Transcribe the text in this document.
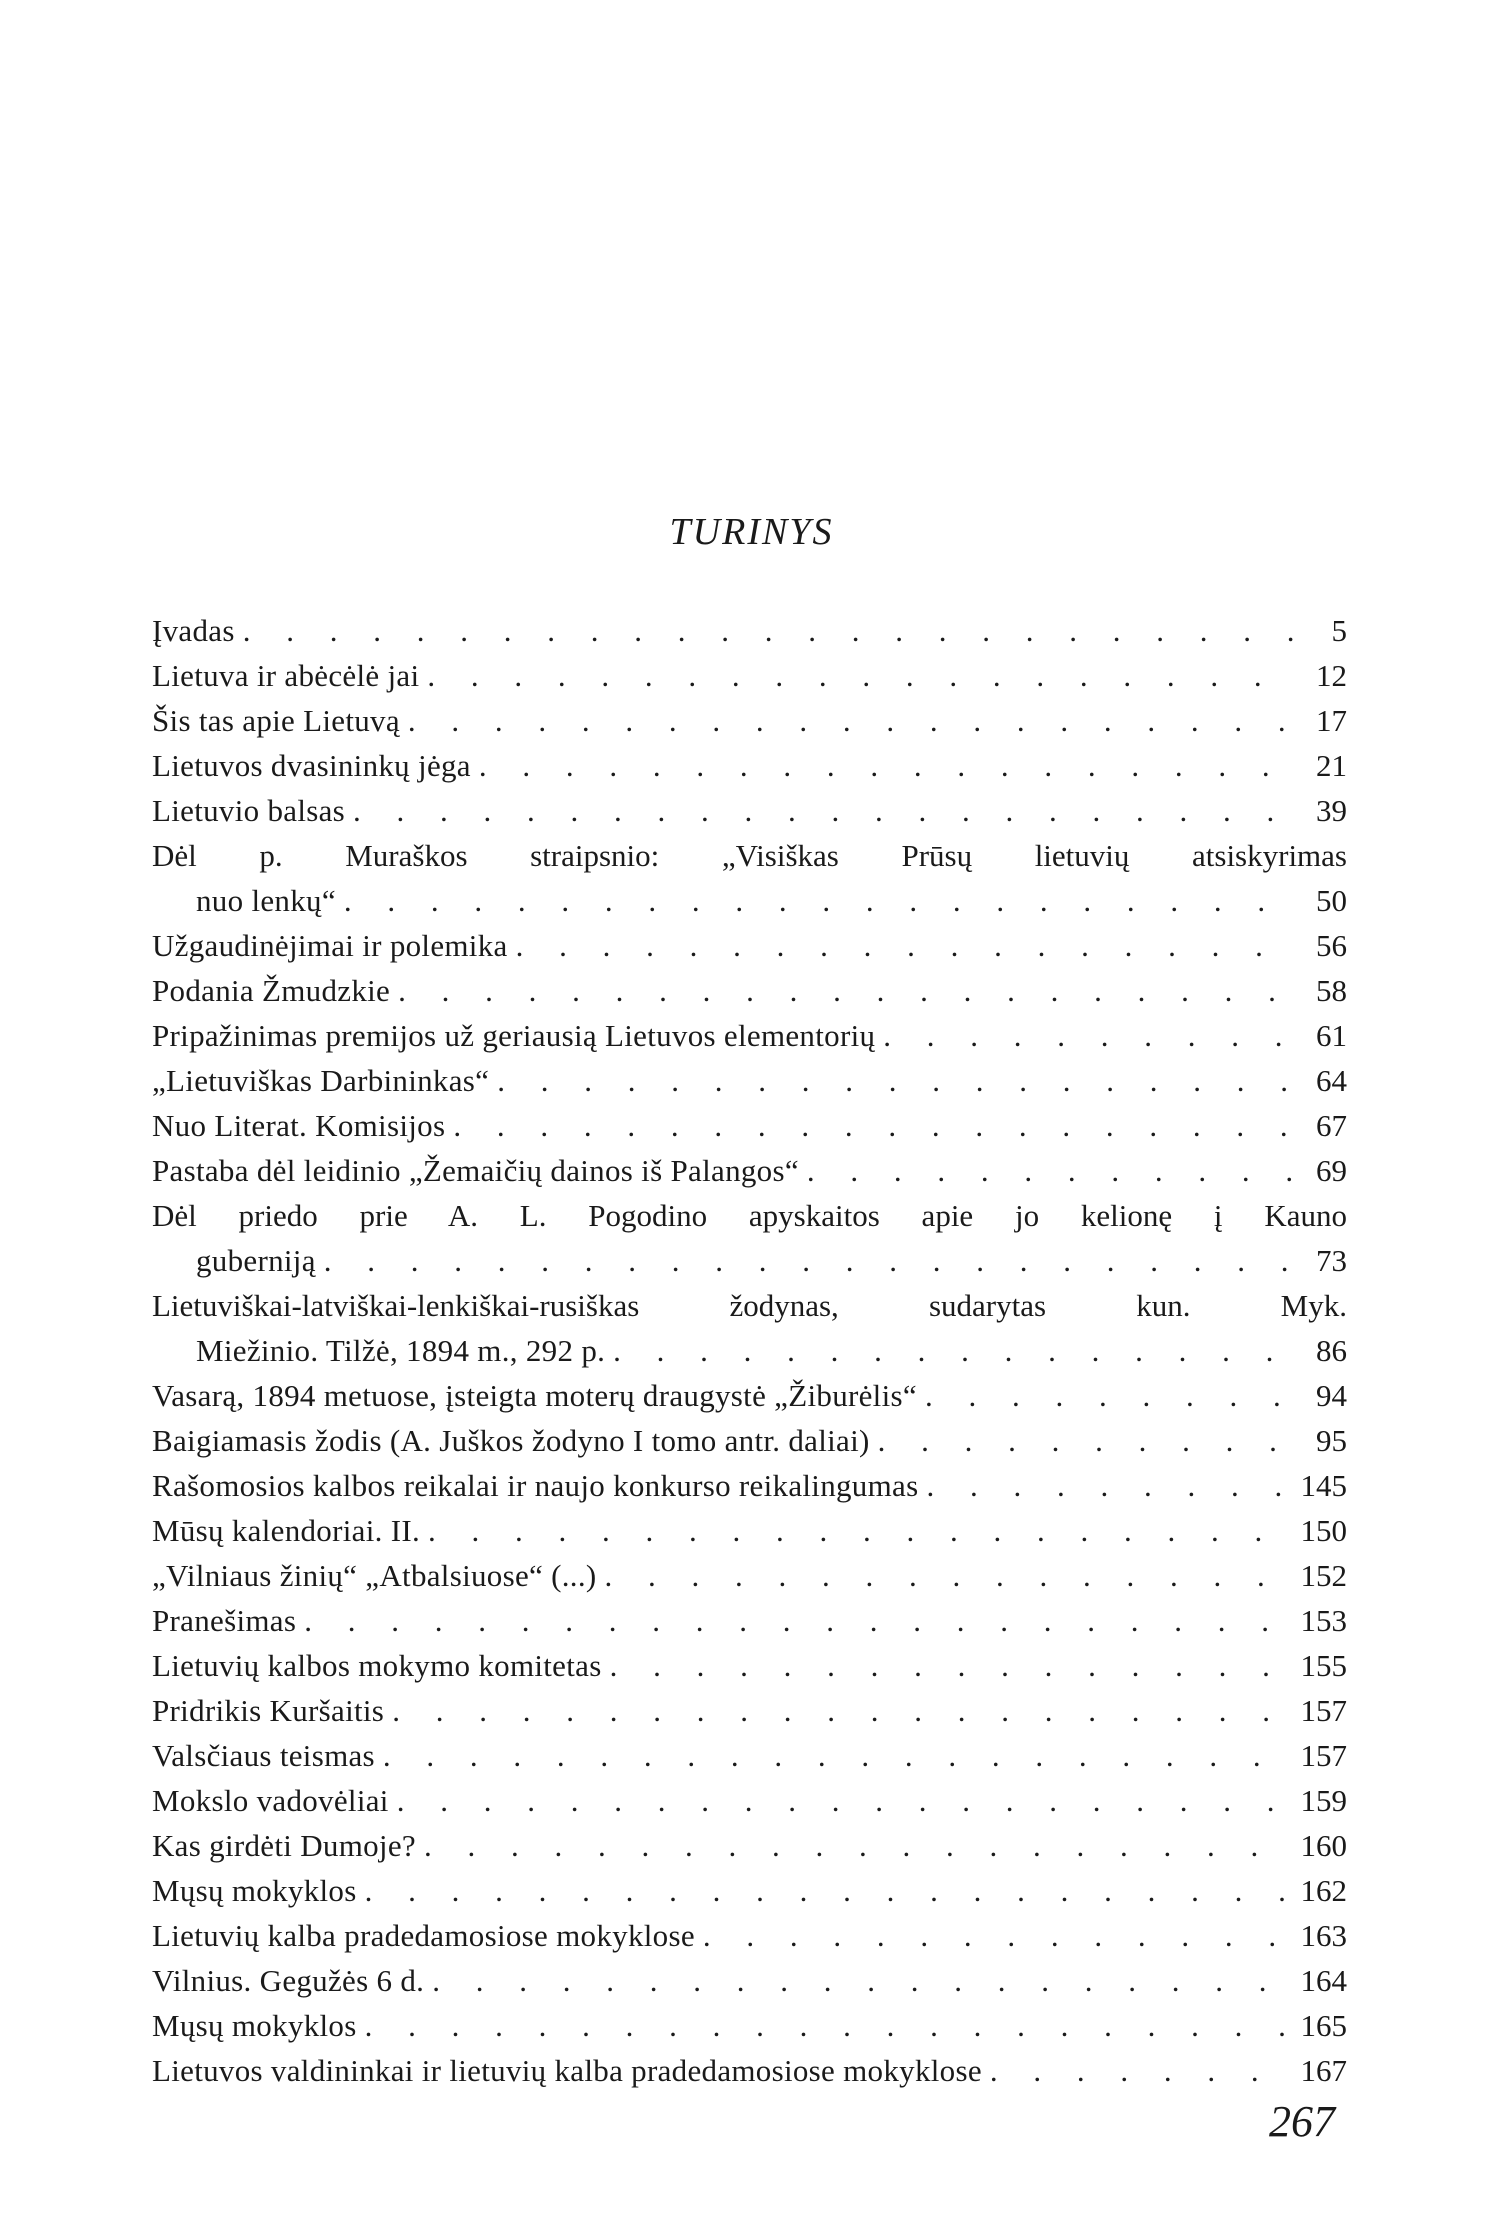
TURINYS
Įvadas . . .	5
Lietuva ir abėcėlė jai . . .	12
Šis tas apie Lietuvą . . .	17
Lietuvos dvasininkų jėga . . .	21
Lietuvio balsas . . .	39
Dėl p. Muraškos straipsnio: „Visiškas Prūsų lietuvių atsiskyrimas
nuo lenkų“ . . .	50
Užgaudinėjimai ir polemika . . .	56
Podania Žmudzkie . . .	58
Pripažinimas premijos už geriausią Lietuvos elementorių . . .	61
„Lietuviškas Darbininkas“ . . .	64
Nuo Literat. Komisijos . . .	67
Pastaba dėl leidinio „Žemaičių dainos iš Palangos“ . . .	69
Dėl priedo prie A. L. Pogodino apyskaitos apie jo kelionę į Kauno
guberniją . . .	73
Lietuviškai-latviškai-lenkiškai-rusiškas žodynas, sudarytas kun. Myk.
Miežinio. Tilžė, 1894 m., 292 p. . . .	86
Vasarą, 1894 metuose, įsteigta moterų draugystė „Žiburėlis“ . . .	94
Baigiamasis žodis (A. Juškos žodyno I tomo antr. daliai) . . .	95
Rašomosios kalbos reikalai ir naujo konkurso reikalingumas . . .	145
Mūsų kalendoriai. II. . . .	150
„Vilniaus žinių“ „Atbalsiuose“ (...) . . .	152
Pranešimas . . .	153
Lietuvių kalbos mokymo komitetas . . .	155
Pridrikis Kuršaitis . . .	157
Valsčiaus teismas . . .	157
Mokslo vadovėliai . . .	159
Kas girdėti Dumoje? . . .	160
Mųsų mokyklos . . .	162
Lietuvių kalba pradedamosiose mokyklose . . .	163
Vilnius. Gegužės 6 d. . . .	164
Mųsų mokyklos . . .	165
Lietuvos valdininkai ir lietuvių kalba pradedamosiose mokyklose . . .	167

267
